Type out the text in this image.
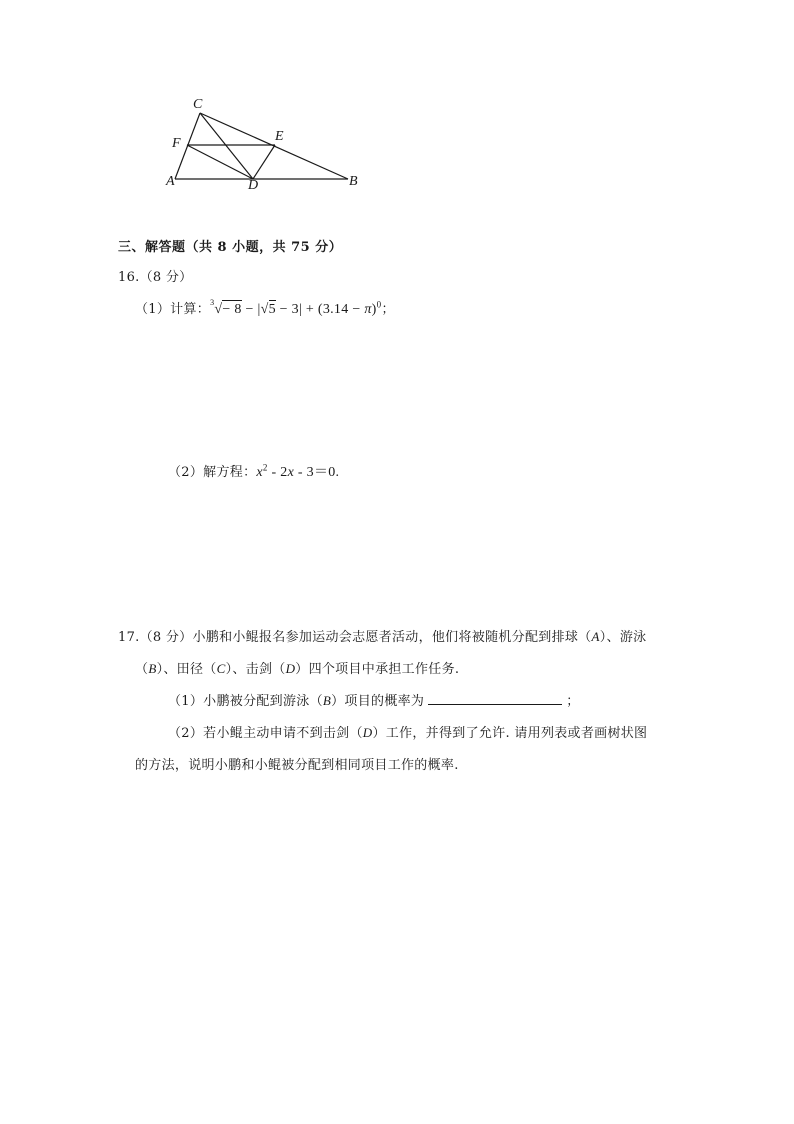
C
F	E
A	D	B
三、解答题（共 8 小题，共 75 分）
16.（8 分）
（1）计算：$^3√- 8 - |√5 - 3| + (3.14 - \pi)^0$；
（2）解方程：$x^2 - 2x - 3=0$.
17.（8 分）小鹏和小鲲报名参加运动会志愿者活动，他们将被随机分配到排球（A）、游泳
（B）、田径（C）、击剑（D）四个项目中承担工作任务.
（1）小鹏被分配到游泳（B）项目的概率为	；
（2）若小鲲主动申请不到击剑（D）工作，并得到了允许. 请用列表或者画树状图
的方法，说明小鹏和小鲲被分配到相同项目工作的概率.
